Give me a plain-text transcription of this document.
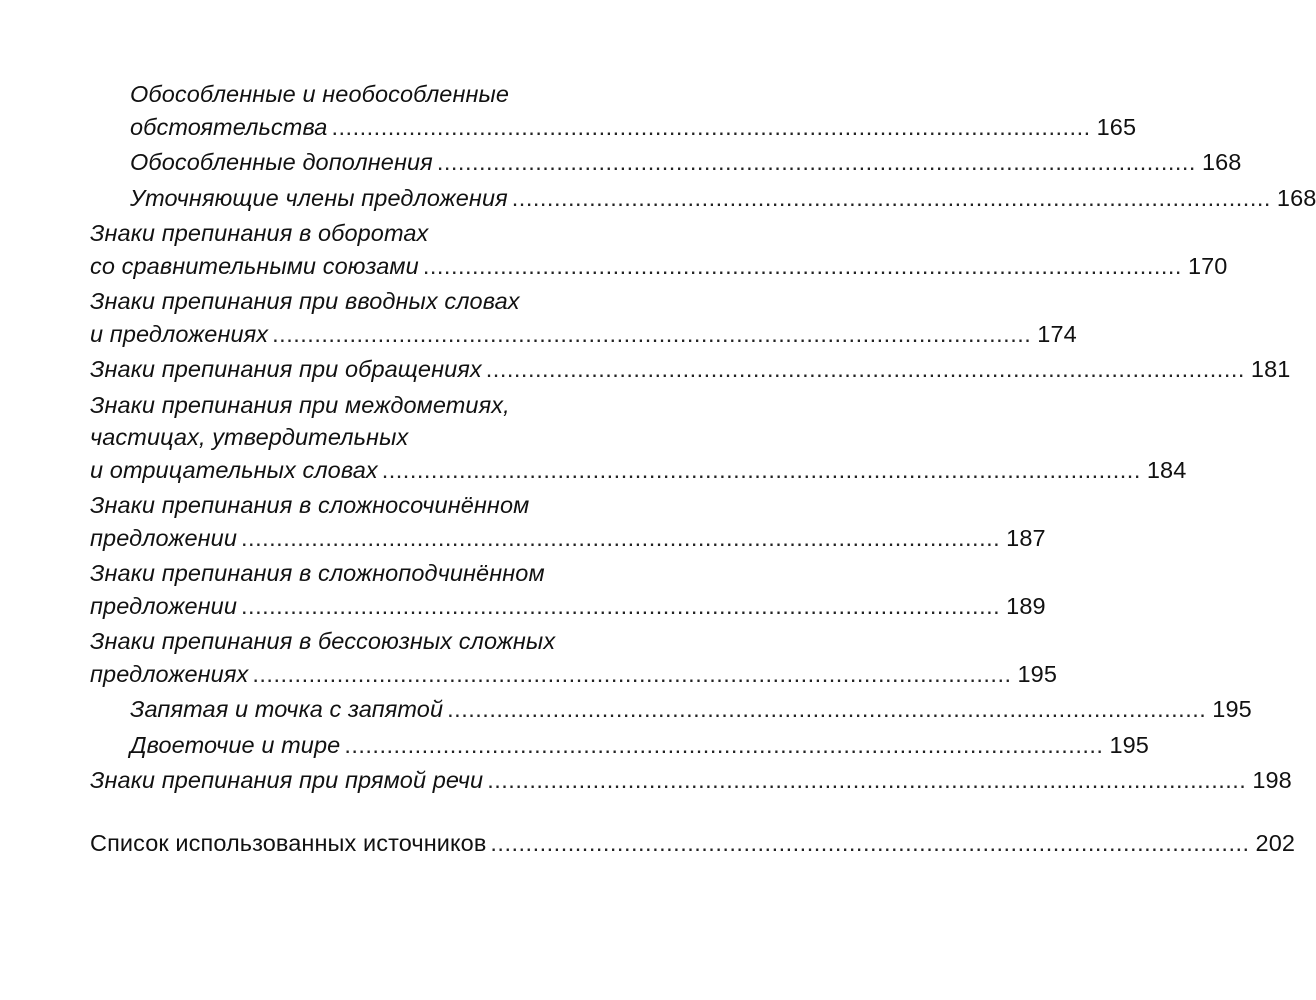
Обособленные и необособленные
обстоятельства ............................................................................................................ 165
Обособленные дополнения ............................................................................................................ 168
Уточняющие члены предложения ............................................................................................................ 168
Знаки препинания в оборотах
со сравнительными союзами ............................................................................................................ 170
Знаки препинания при вводных словах
и предложениях ............................................................................................................ 174
Знаки препинания при обращениях ............................................................................................................ 181
Знаки препинания при междометиях,
частицах, утвердительных
и отрицательных словах ............................................................................................................ 184
Знаки препинания в сложносочинённом
предложении ............................................................................................................ 187
Знаки препинания в сложноподчинённом
предложении ............................................................................................................ 189
Знаки препинания в бессоюзных сложных
предложениях ............................................................................................................ 195
Запятая и точка с запятой ............................................................................................................ 195
Двоеточие и тире ............................................................................................................ 195
Знаки препинания при прямой речи ............................................................................................................ 198
Список использованных источников ............................................................................................................ 202
